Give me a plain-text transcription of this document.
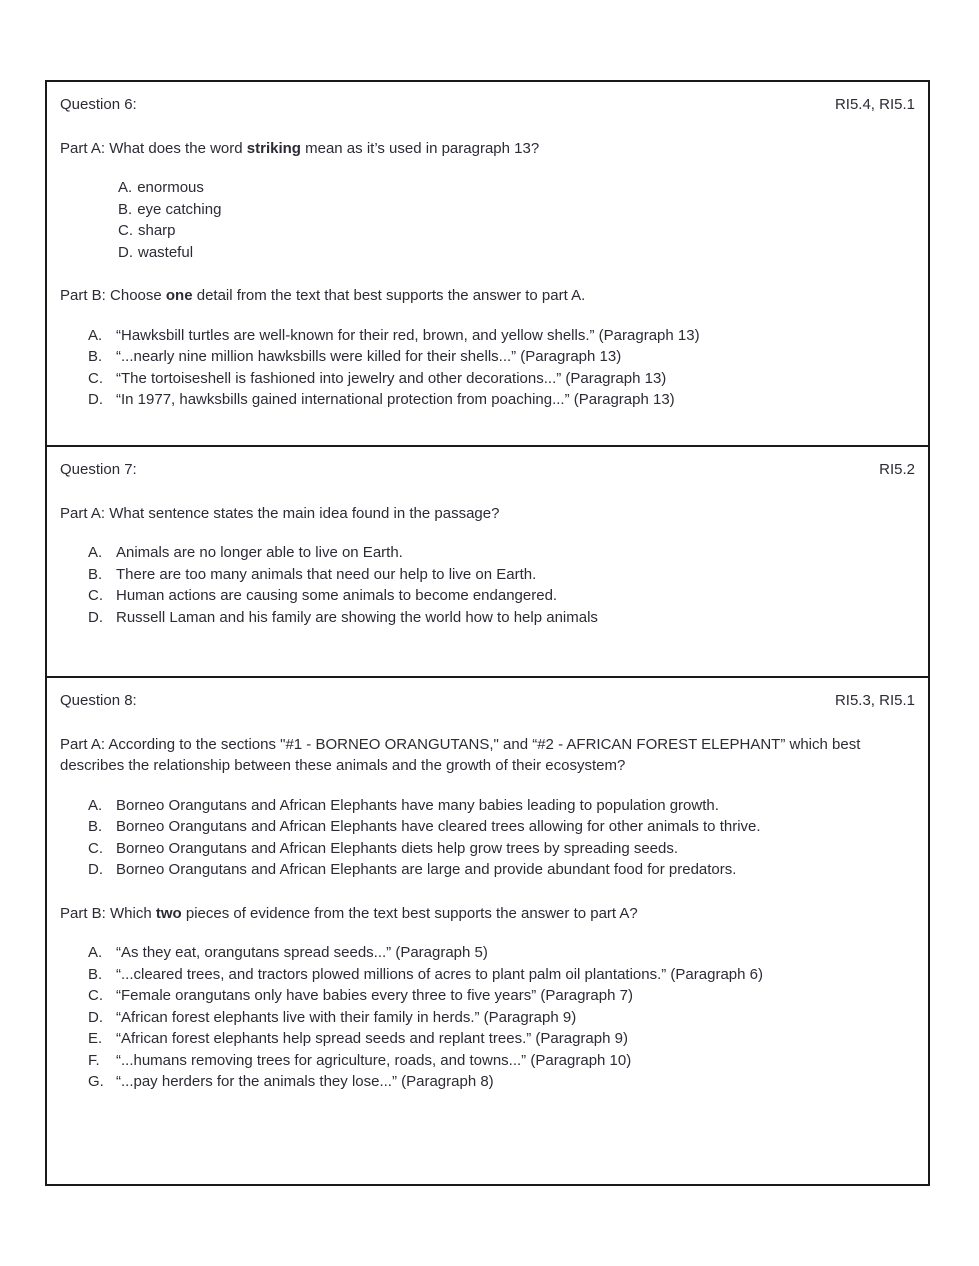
Question 6:	RI5.4, RI5.1

Part A: What does the word striking mean as it’s used in paragraph 13?

A. enormous
B. eye catching
C. sharp
D. wasteful

Part B: Choose one detail from the text that best supports the answer to part A.

A. “Hawksbill turtles are well-known for their red, brown, and yellow shells.” (Paragraph 13)
B. “...nearly nine million hawksbills were killed for their shells...” (Paragraph 13)
C. “The tortoiseshell is fashioned into jewelry and other decorations...” (Paragraph 13)
D. “In 1977, hawksbills gained international protection from poaching...” (Paragraph 13)
Question 7:	RI5.2

Part A: What sentence states the main idea found in the passage?

A. Animals are no longer able to live on Earth.
B. There are too many animals that need our help to live on Earth.
C. Human actions are causing some animals to become endangered.
D. Russell Laman and his family are showing the world how to help animals
Question 8:	RI5.3, RI5.1

Part A: According to the sections "#1 - BORNEO ORANGUTANS," and “#2 - AFRICAN FOREST ELEPHANT” which best describes the relationship between these animals and the growth of their ecosystem?

A. Borneo Orangutans and African Elephants have many babies leading to population growth.
B. Borneo Orangutans and African Elephants have cleared trees allowing for other animals to thrive.
C. Borneo Orangutans and African Elephants diets help grow trees by spreading seeds.
D. Borneo Orangutans and African Elephants are large and provide abundant food for predators.

Part B: Which two pieces of evidence from the text best supports the answer to part A?

A. “As they eat, orangutans spread seeds...” (Paragraph 5)
B. “...cleared trees, and tractors plowed millions of acres to plant palm oil plantations.” (Paragraph 6)
C. “Female orangutans only have babies every three to five years” (Paragraph 7)
D. “African forest elephants live with their family in herds.” (Paragraph 9)
E. “African forest elephants help spread seeds and replant trees.” (Paragraph 9)
F.	“...humans removing trees for agriculture, roads, and towns...” (Paragraph 10)
G. “...pay herders for the animals they lose...” (Paragraph 8)
